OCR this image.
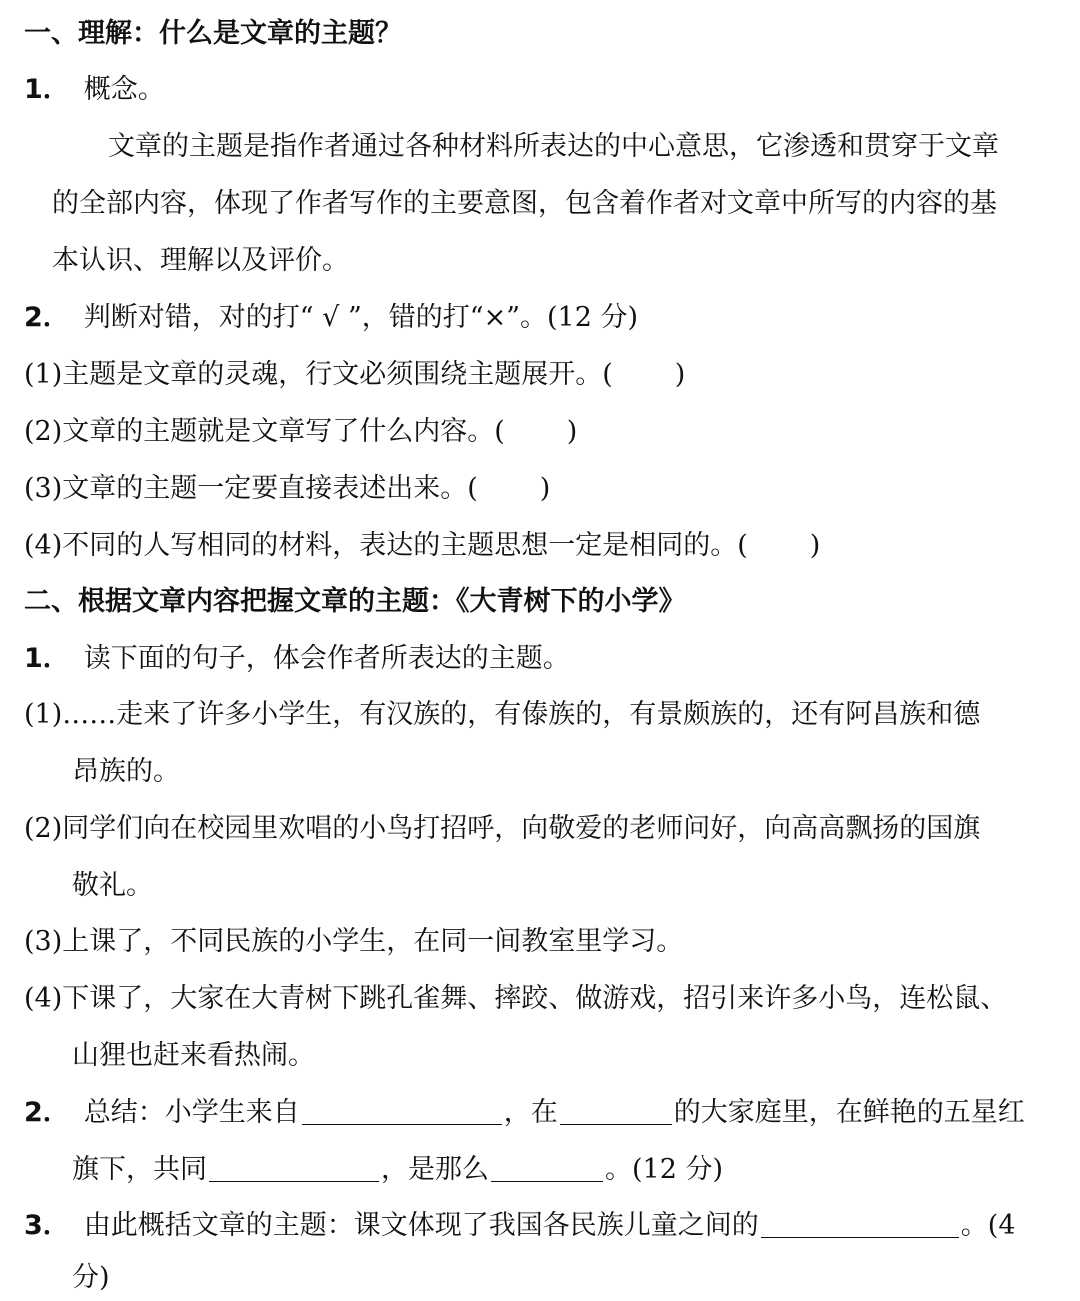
一、理解：什么是文章的主题？
1． 概念。
文章的主题是指作者通过各种材料所表达的中心意思，它渗透和贯穿于文章
的全部内容，体现了作者写作的主要意图，包含着作者对文章中所写的内容的基
本认识、理解以及评价。
2． 判断对错，对的打“ √ ”，错的打“×”。(12 分)
(1)主题是文章的灵魂，行文必须围绕主题展开。( )
(2)文章的主题就是文章写了什么内容。( )
(3)文章的主题一定要直接表述出来。( )
(4)不同的人写相同的材料，表达的主题思想一定是相同的。( )
二、根据文章内容把握文章的主题：《大青树下的小学》
1． 读下面的句子，体会作者所表达的主题。
(1)……走来了许多小学生，有汉族的，有傣族的，有景颇族的，还有阿昌族和德
昂族的。
(2)同学们向在校园里欢唱的小鸟打招呼，向敬爱的老师问好，向高高飘扬的国旗
敬礼。
(3)上课了，不同民族的小学生，在同一间教室里学习。
(4)下课了，大家在大青树下跳孔雀舞、摔跤、做游戏，招引来许多小鸟，连松鼠、
山狸也赶来看热闹。
2． 总结：小学生来自	，在	的大家庭里，在鲜艳的五星红
旗下，共同	，是那么	。(12 分)
3． 由此概括文章的主题：课文体现了我国各民族儿童之间的	。(4
分)
